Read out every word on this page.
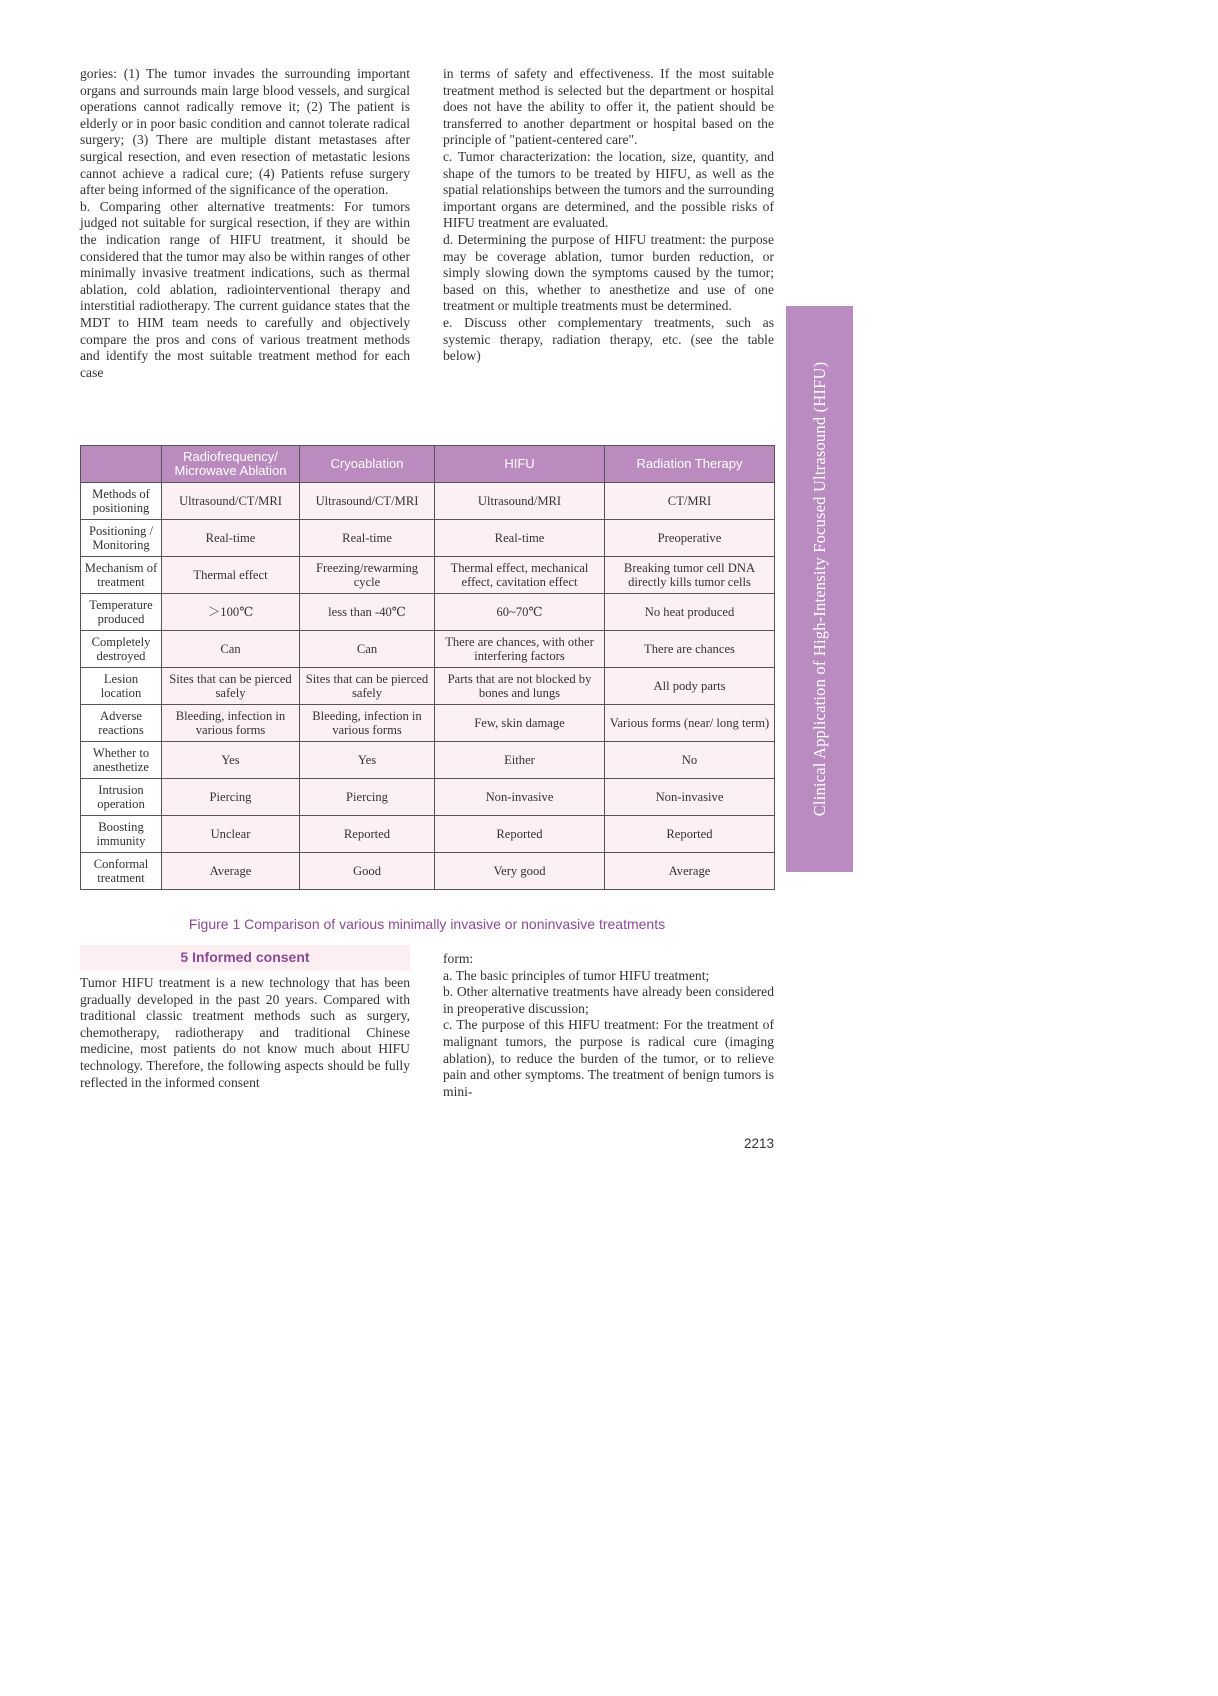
gories: (1) The tumor invades the surrounding important organs and surrounds main large blood vessels, and surgical operations cannot radically remove it; (2) The patient is elderly or in poor basic condition and cannot tolerate radical surgery; (3) There are multiple distant metastases after surgical resection, and even resection of metastatic lesions cannot achieve a radical cure; (4) Patients refuse surgery after being informed of the significance of the operation.

b. Comparing other alternative treatments: For tumors judged not suitable for surgical resection, if they are within the indication range of HIFU treatment, it should be considered that the tumor may also be within ranges of other minimally invasive treatment indications, such as thermal ablation, cold ablation, radiointerventional therapy and interstitial radiotherapy. The current guidance states that the MDT to HIM team needs to carefully and objectively compare the pros and cons of various treatment methods and identify the most suitable treatment method for each case

in terms of safety and effectiveness. If the most suitable treatment method is selected but the department or hospital does not have the ability to offer it, the patient should be transferred to another department or hospital based on the principle of "patient-centered care".

c. Tumor characterization: the location, size, quantity, and shape of the tumors to be treated by HIFU, as well as the spatial relationships between the tumors and the surrounding important organs are determined, and the possible risks of HIFU treatment are evaluated.

d. Determining the purpose of HIFU treatment: the purpose may be coverage ablation, tumor burden reduction, or simply slowing down the symptoms caused by the tumor; based on this, whether to anesthetize and use of one treatment or multiple treatments must be determined.

e. Discuss other complementary treatments, such as systemic therapy, radiation therapy, etc. (see the table below)

Clinical Application of High-Intensity Focused Ultrasound (HIFU)
	Radiofrequency/ Microwave Ablation	Cryoablation	HIFU	Radiation Therapy
Methods of positioning	Ultrasound/CT/MRI	Ultrasound/CT/MRI	Ultrasound/MRI	CT/MRI
Positioning / Monitoring	Real-time	Real-time	Real-time	Preoperative
Mechanism of treatment	Thermal effect	Freezing/rewarming cycle	Thermal effect, mechanical effect, cavitation effect	Breaking tumor cell DNA directly kills tumor cells
Temperature produced	＞100℃	less than -40℃	60~70℃	No heat produced
Completely destroyed	Can	Can	There are chances, with other interfering factors	There are chances
Lesion location	Sites that can be pierced safely	Sites that can be pierced safely	Parts that are not blocked by bones and lungs	All pody parts
Adverse reactions	Bleeding, infection in various forms	Bleeding, infection in various forms	Few, skin damage	Various forms (near/ long term)
Whether to anesthetize	Yes	Yes	Either	No
Intrusion operation	Piercing	Piercing	Non-invasive	Non-invasive
Boosting immunity	Unclear	Reported	Reported	Reported
Conformal treatment	Average	Good	Very good	Average
Figure 1 Comparison of various minimally invasive or noninvasive treatments
5 Informed consent

Tumor HIFU treatment is a new technology that has been gradually developed in the past 20 years. Compared with traditional classic treatment methods such as surgery, chemotherapy, radiotherapy and traditional Chinese medicine, most patients do not know much about HIFU technology. Therefore, the following aspects should be fully reflected in the informed consent

form:

a. The basic principles of tumor HIFU treatment;

b. Other alternative treatments have already been considered in preoperative discussion;

c. The purpose of this HIFU treatment: For the treatment of malignant tumors, the purpose is radical cure (imaging ablation), to reduce the burden of the tumor, or to relieve pain and other symptoms. The treatment of benign tumors is mini-

2213
